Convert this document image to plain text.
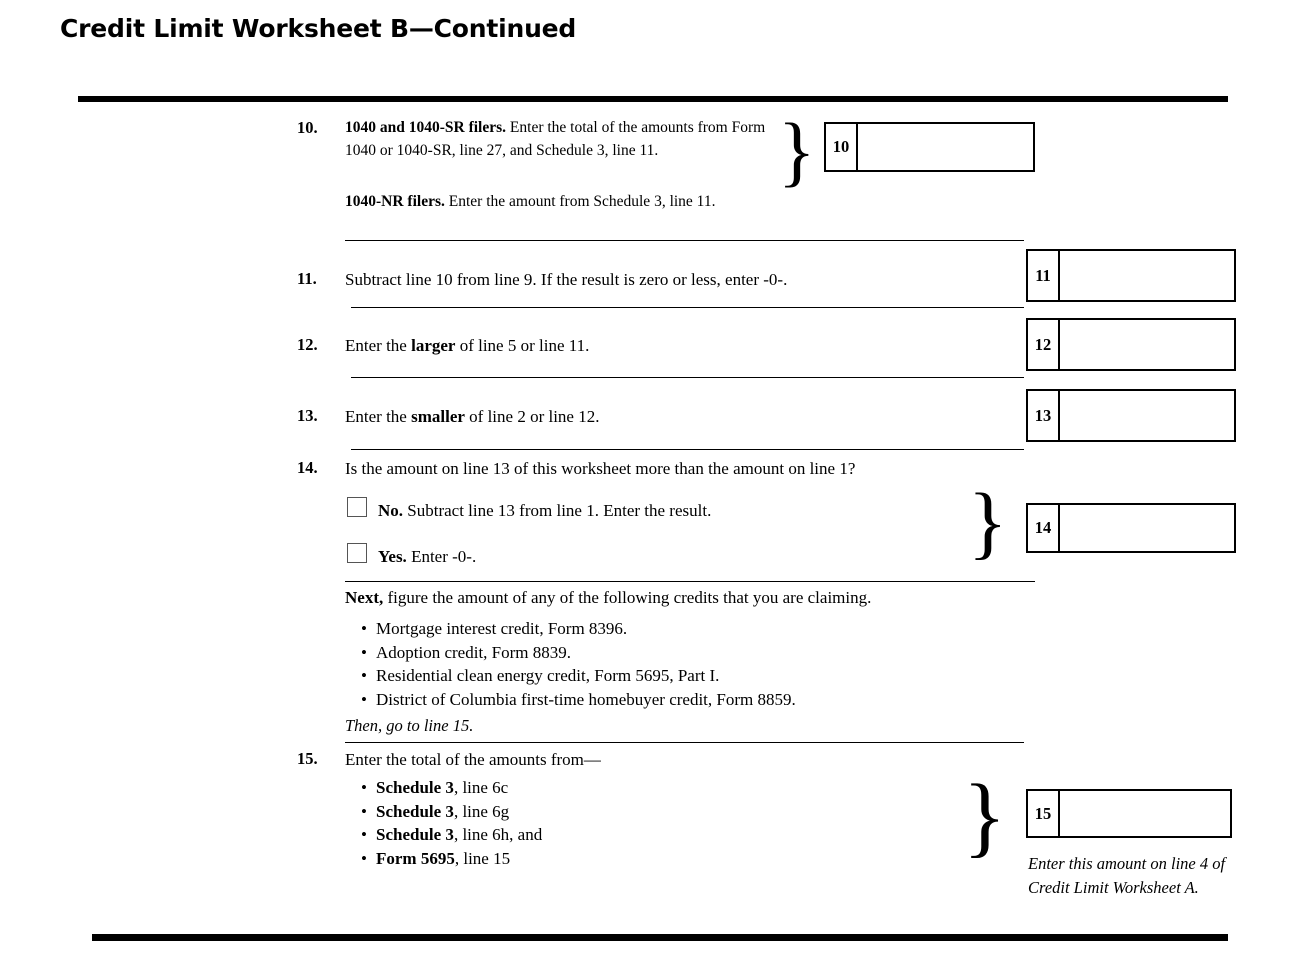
Credit Limit Worksheet B—Continued
10. 1040 and 1040-SR filers. Enter the total of the amounts from Form 1040 or 1040-SR, line 27, and Schedule 3, line 11.
1040-NR filers. Enter the amount from Schedule 3, line 11.
}	10
11. Subtract line 10 from line 9. If the result is zero or less, enter -0-.	11
12. Enter the larger of line 5 or line 11.	12
13. Enter the smaller of line 2 or line 12.	13
14. Is the amount on line 13 of this worksheet more than the amount on line 1?
No. Subtract line 13 from line 1. Enter the result.
Yes. Enter -0-.	}	14
Next, figure the amount of any of the following credits that you are claiming.
• Mortgage interest credit, Form 8396.
• Adoption credit, Form 8839.
• Residential clean energy credit, Form 5695, Part I.
• District of Columbia first-time homebuyer credit, Form 8859.
Then, go to line 15.
15. Enter the total of the amounts from—
• Schedule 3, line 6c
• Schedule 3, line 6g
• Schedule 3, line 6h, and
• Form 5695, line 15	}	15
Enter this amount on line 4 of Credit Limit Worksheet A.
